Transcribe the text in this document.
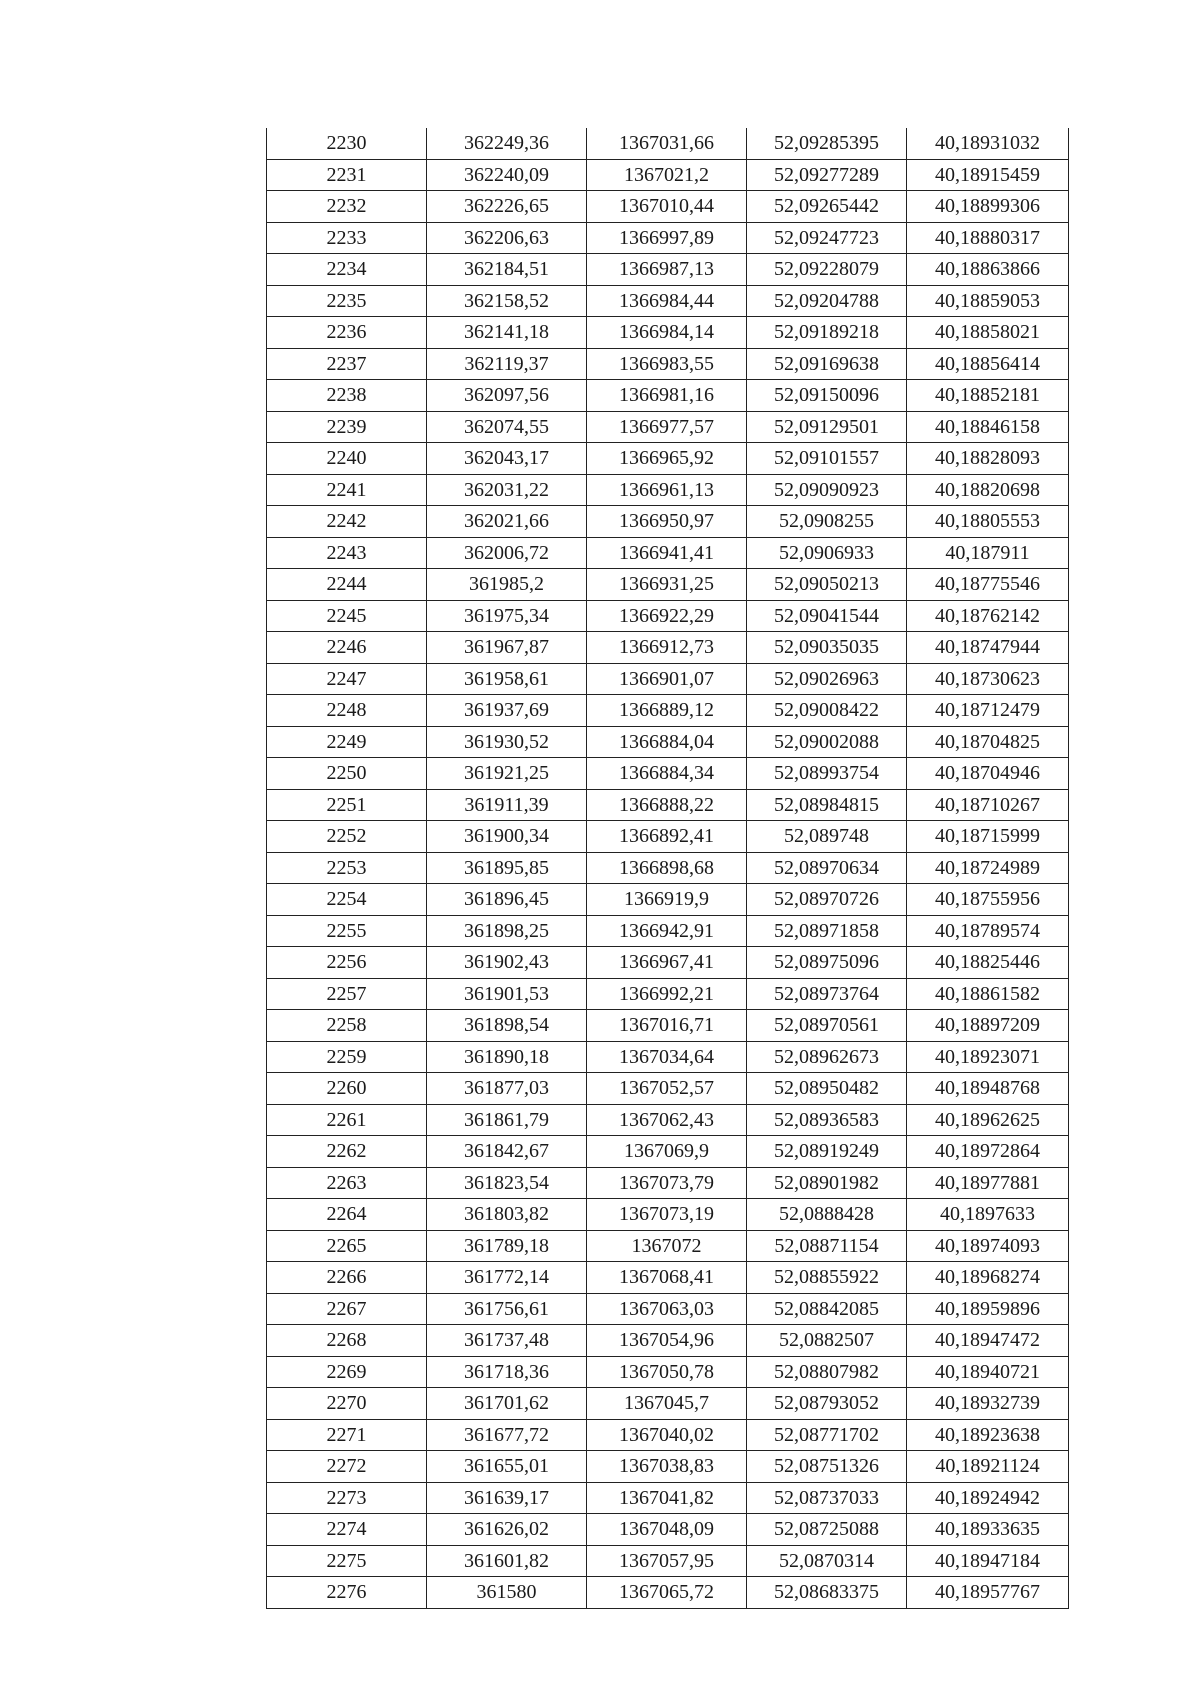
2230	362249,36	1367031,66	52,09285395	40,18931032
2231	362240,09	1367021,2	52,09277289	40,18915459
2232	362226,65	1367010,44	52,09265442	40,18899306
2233	362206,63	1366997,89	52,09247723	40,18880317
2234	362184,51	1366987,13	52,09228079	40,18863866
2235	362158,52	1366984,44	52,09204788	40,18859053
2236	362141,18	1366984,14	52,09189218	40,18858021
2237	362119,37	1366983,55	52,09169638	40,18856414
2238	362097,56	1366981,16	52,09150096	40,18852181
2239	362074,55	1366977,57	52,09129501	40,18846158
2240	362043,17	1366965,92	52,09101557	40,18828093
2241	362031,22	1366961,13	52,09090923	40,18820698
2242	362021,66	1366950,97	52,0908255	40,18805553
2243	362006,72	1366941,41	52,0906933	40,187911
2244	361985,2	1366931,25	52,09050213	40,18775546
2245	361975,34	1366922,29	52,09041544	40,18762142
2246	361967,87	1366912,73	52,09035035	40,18747944
2247	361958,61	1366901,07	52,09026963	40,18730623
2248	361937,69	1366889,12	52,09008422	40,18712479
2249	361930,52	1366884,04	52,09002088	40,18704825
2250	361921,25	1366884,34	52,08993754	40,18704946
2251	361911,39	1366888,22	52,08984815	40,18710267
2252	361900,34	1366892,41	52,089748	40,18715999
2253	361895,85	1366898,68	52,08970634	40,18724989
2254	361896,45	1366919,9	52,08970726	40,18755956
2255	361898,25	1366942,91	52,08971858	40,18789574
2256	361902,43	1366967,41	52,08975096	40,18825446
2257	361901,53	1366992,21	52,08973764	40,18861582
2258	361898,54	1367016,71	52,08970561	40,18897209
2259	361890,18	1367034,64	52,08962673	40,18923071
2260	361877,03	1367052,57	52,08950482	40,18948768
2261	361861,79	1367062,43	52,08936583	40,18962625
2262	361842,67	1367069,9	52,08919249	40,18972864
2263	361823,54	1367073,79	52,08901982	40,18977881
2264	361803,82	1367073,19	52,0888428	40,1897633
2265	361789,18	1367072	52,08871154	40,18974093
2266	361772,14	1367068,41	52,08855922	40,18968274
2267	361756,61	1367063,03	52,08842085	40,18959896
2268	361737,48	1367054,96	52,0882507	40,18947472
2269	361718,36	1367050,78	52,08807982	40,18940721
2270	361701,62	1367045,7	52,08793052	40,18932739
2271	361677,72	1367040,02	52,08771702	40,18923638
2272	361655,01	1367038,83	52,08751326	40,18921124
2273	361639,17	1367041,82	52,08737033	40,18924942
2274	361626,02	1367048,09	52,08725088	40,18933635
2275	361601,82	1367057,95	52,0870314	40,18947184
2276	361580	1367065,72	52,08683375	40,18957767
